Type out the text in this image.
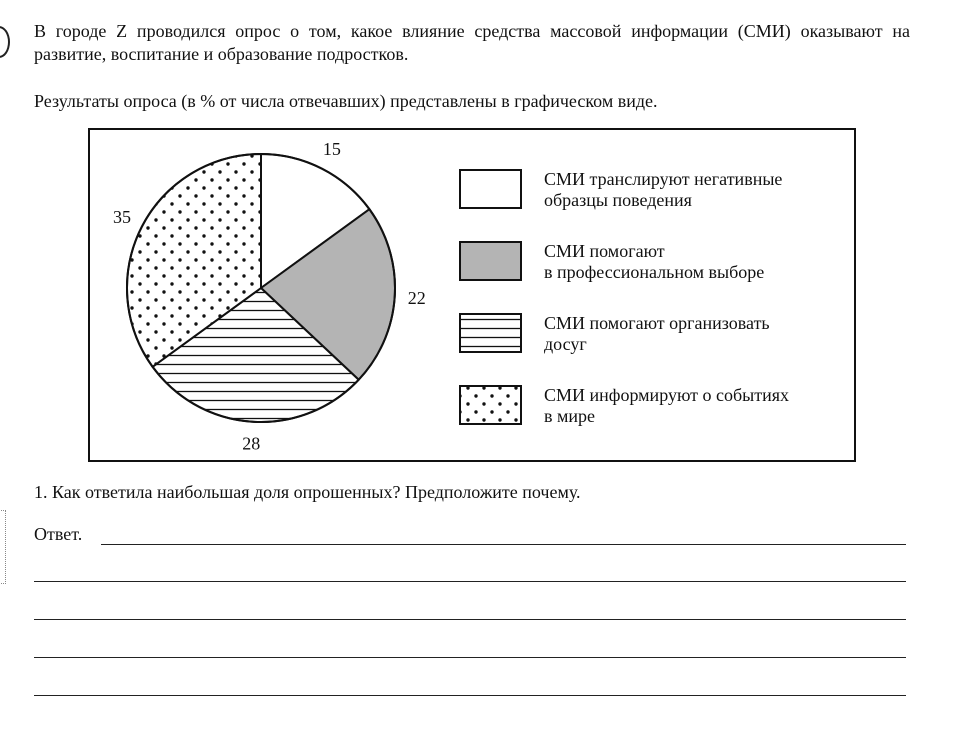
В городе Z проводился опрос о том, какое влияние средства массовой информации (СМИ) оказывают на развитие, воспитание и образование подростков.

Результаты опроса (в % от числа отвечавших) представлены в графическом виде.

15
22
28
35
СМИ транслируют негативные
образцы поведения
СМИ помогают
в профессиональном выборе
СМИ помогают организовать
досуг
СМИ информируют о событиях
в мире
1. Как ответила наибольшая доля опрошенных? Предположите почему.
Ответ.
